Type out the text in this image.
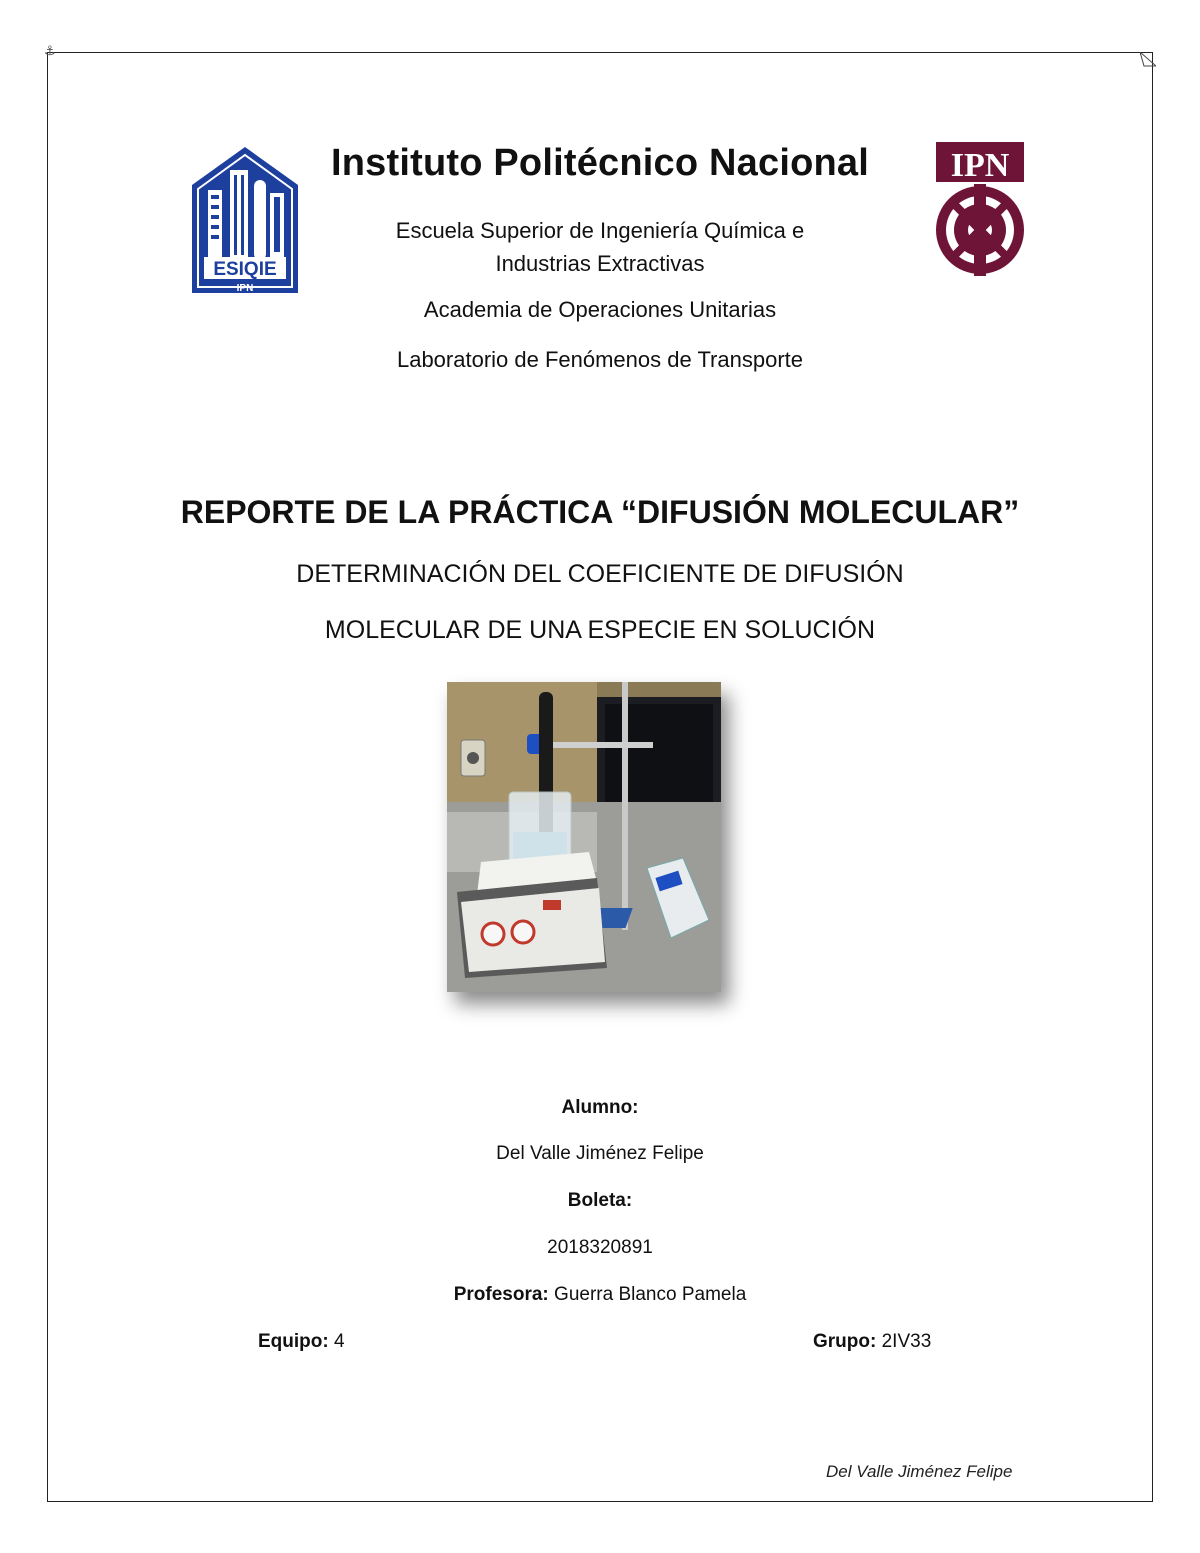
⚓
ESIQIE
IPN
IPN
Instituto Politécnico Nacional
Escuela Superior de Ingeniería Química e
Industrias Extractivas
Academia de Operaciones Unitarias
Laboratorio de Fenómenos de Transporte
REPORTE DE LA PRÁCTICA “DIFUSIÓN MOLECULAR”
DETERMINACIÓN DEL COEFICIENTE DE DIFUSIÓN
MOLECULAR DE UNA ESPECIE EN SOLUCIÓN
Alumno:
Del Valle Jiménez Felipe
Boleta:
2018320891
Profesora: Guerra Blanco Pamela
Equipo: 4	Grupo: 2IV33
Del Valle Jiménez Felipe
